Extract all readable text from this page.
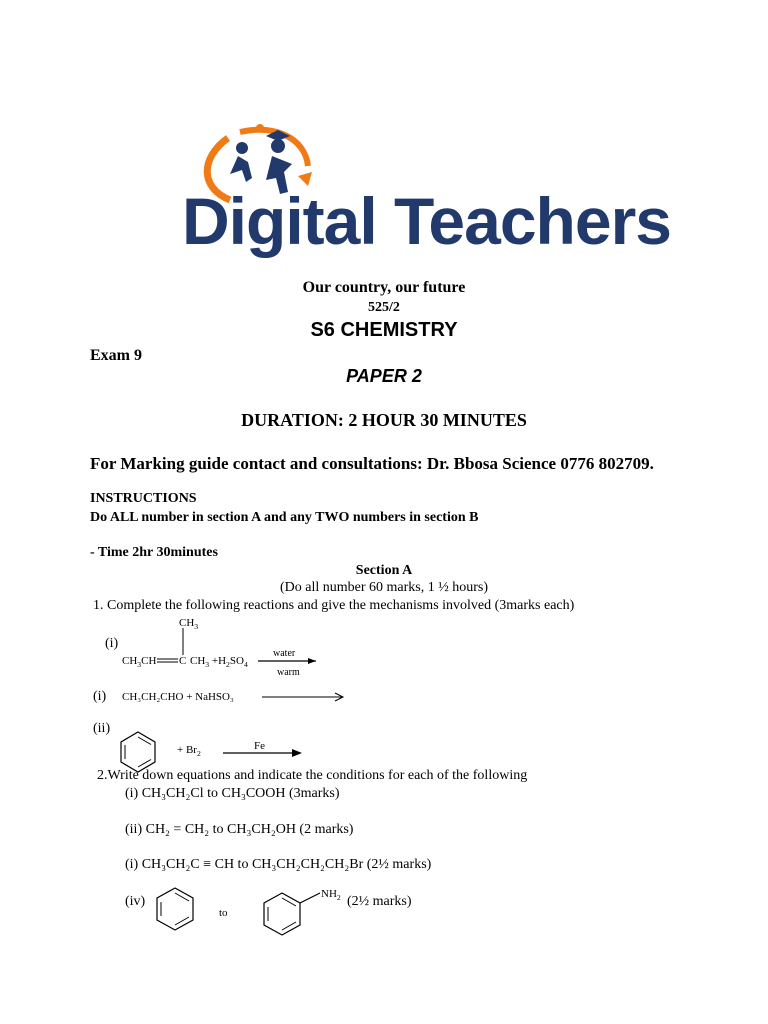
Digital Teachers
Our country, our future
525/2
S6 CHEMISTRY
Exam 9
PAPER 2
DURATION: 2 HOUR 30 MINUTES
For Marking guide contact and consultations: Dr. Bbosa Science 0776 802709.
INSTRUCTIONS
Do ALL number in section A and any TWO numbers in section B
- Time 2hr 30minutes
Section A
(Do all number 60 marks, 1 ½ hours)
1. Complete the following reactions and give the mechanisms involved (3marks each)
$CH_3$
(i)
$CH_3CH$ C $CH_3 +H_2SO_4$
water
warm
(i) CH₃CH₂CHO + NaHSO₃
(ii)
+ $Br_2$
Fe
2.Write down equations and indicate the conditions for each of the following
(i) CH₃CH₂Cl to CH₃COOH (3marks)
(ii) CH₂ = CH₂ to CH₃CH₂OH (2 marks)
(i) CH₃CH₂C ≡ CH to CH₃CH₂CH₂CH₂Br (2½ marks)
(iv)
to
$NH_2$ (2½ marks)
